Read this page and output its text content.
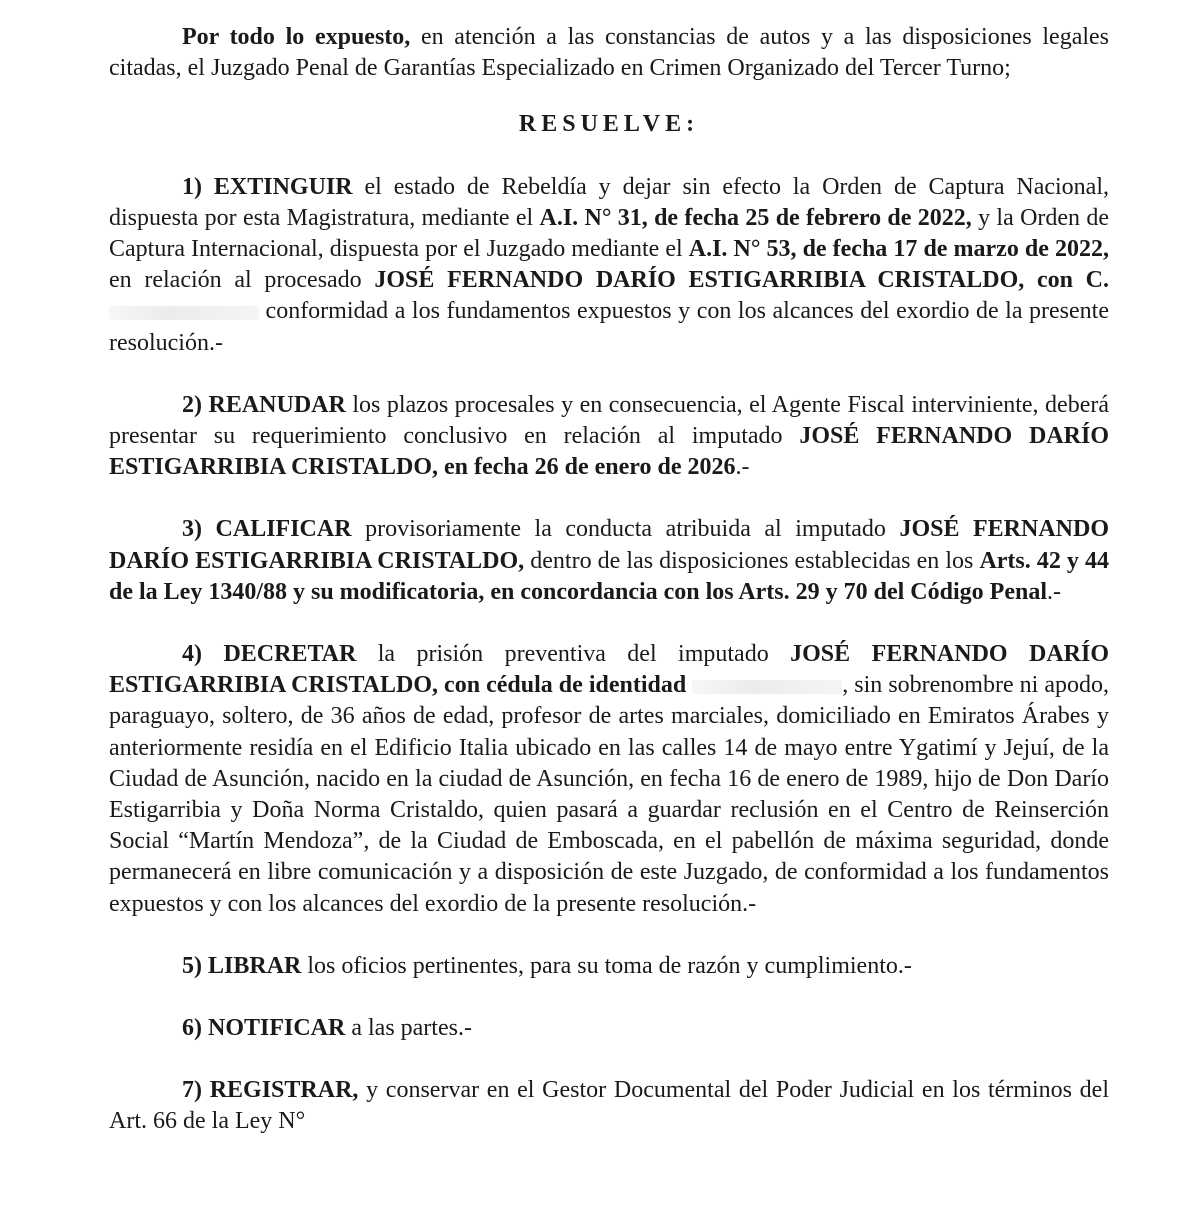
Por todo lo expuesto, en atención a las constancias de autos y a las disposiciones legales citadas, el Juzgado Penal de Garantías Especializado en Crimen Organizado del Tercer Turno;

RESUELVE:

1) EXTINGUIR el estado de Rebeldía y dejar sin efecto la Orden de Captura Nacional, dispuesta por esta Magistratura, mediante el A.I. N° 31, de fecha 25 de febrero de 2022, y la Orden de Captura Internacional, dispuesta por el Juzgado mediante el A.I. N° 53, de fecha 17 de marzo de 2022, en relación al procesado JOSÉ FERNANDO DARÍO ESTIGARRIBIA CRISTALDO, con C.  conformidad a los fundamentos expuestos y con los alcances del exordio de la presente resolución.-

2) REANUDAR los plazos procesales y en consecuencia, el Agente Fiscal interviniente, deberá presentar su requerimiento conclusivo en relación al imputado JOSÉ FERNANDO DARÍO ESTIGARRIBIA CRISTALDO, en fecha 26 de enero de 2026.-

3) CALIFICAR provisoriamente la conducta atribuida al imputado JOSÉ FERNANDO DARÍO ESTIGARRIBIA CRISTALDO, dentro de las disposiciones establecidas en los Arts. 42 y 44 de la Ley 1340/88 y su modificatoria, en concordancia con los Arts. 29 y 70 del Código Penal.-

4) DECRETAR la prisión preventiva del imputado JOSÉ FERNANDO DARÍO ESTIGARRIBIA CRISTALDO, con cédula de identidad	, sin sobrenombre ni apodo, paraguayo, soltero, de 36 años de edad, profesor de artes marciales, domiciliado en Emiratos Árabes y anteriormente residía en el Edificio Italia ubicado en las calles 14 de mayo entre Ygatimí y Jejuí, de la Ciudad de Asunción, nacido en la ciudad de Asunción, en fecha 16 de enero de 1989, hijo de Don Darío Estigarribia y Doña Norma Cristaldo, quien pasará a guardar reclusión en el Centro de Reinserción Social “Martín Mendoza”, de la Ciudad de Emboscada, en el pabellón de máxima seguridad, donde permanecerá en libre comunicación y a disposición de este Juzgado, de conformidad a los fundamentos expuestos y con los alcances del exordio de la presente resolución.-

5) LIBRAR los oficios pertinentes, para su toma de razón y cumplimiento.-

6) NOTIFICAR a las partes.-

7) REGISTRAR, y conservar en el Gestor Documental del Poder Judicial en los términos del Art. 66 de la Ley N°
